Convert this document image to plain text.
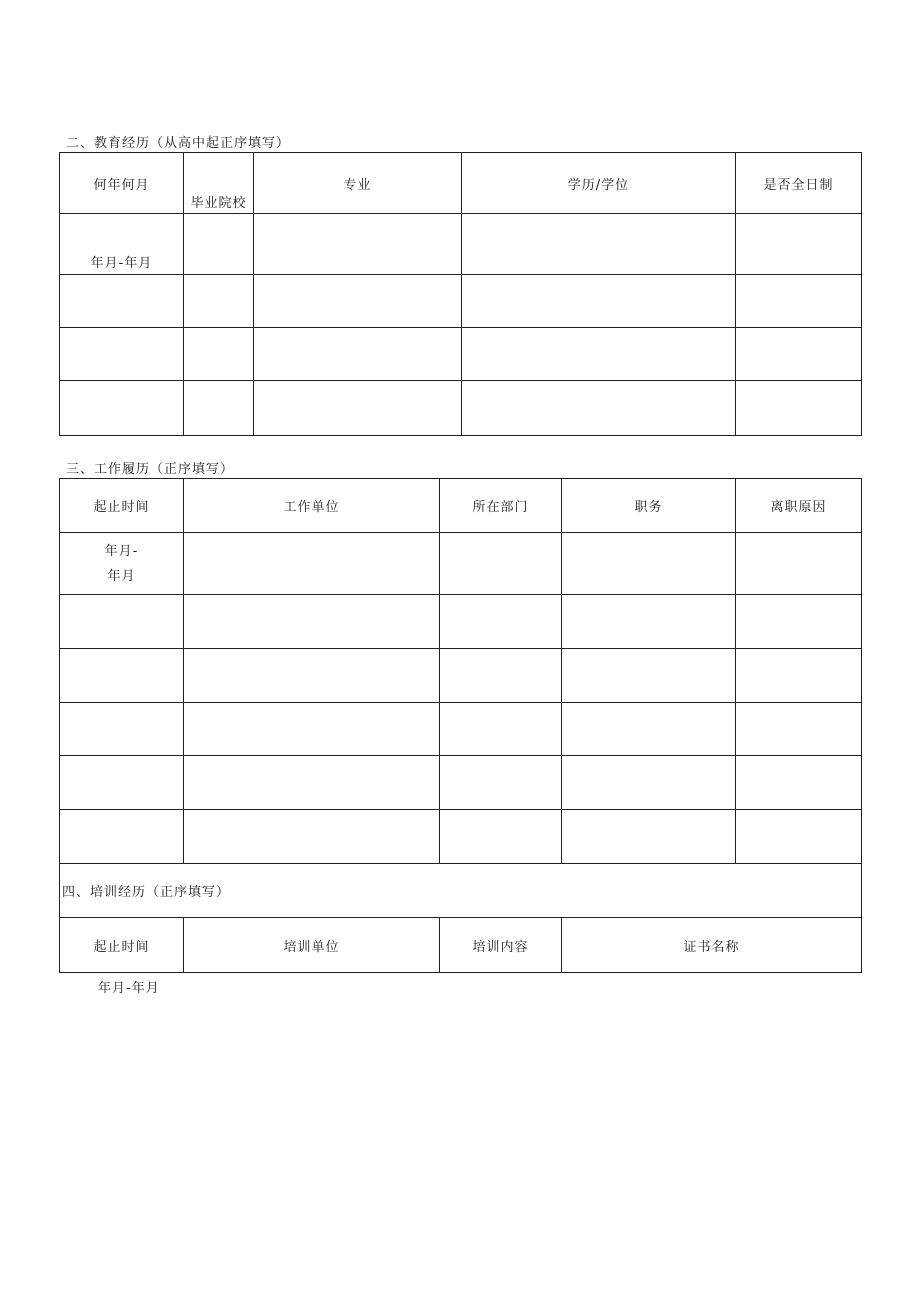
二、教育经历（从高中起正序填写）
何年何月	毕业院校	专业	学历/学位	是否全日制
年月-年月				

三、工作履历（正序填写）
起止时间	工作单位	所在部门	职务	离职原因

年月-
年月				

四、培训经历（正序填写）				
起止时间	培训单位	培训内容	证书名称	
年月-年月
